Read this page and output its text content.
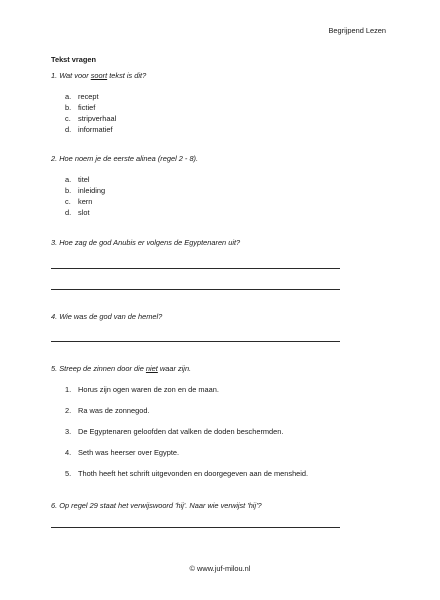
Begrijpend Lezen
Tekst vragen
1. Wat voor soort tekst is dit?
a. recept
b. fictief
c. stripverhaal
d. informatief
2. Hoe noem je de eerste alinea (regel 2 - 8).
a. titel
b. inleiding
c. kern
d. slot
3. Hoe zag de god Anubis er volgens de Egyptenaren uit?
4. Wie was de god van de hemel?
5. Streep de zinnen door die niet waar zijn.
1. Horus zijn ogen waren de zon en de maan.
2. Ra was de zonnegod.
3. De Egyptenaren geloofden dat valken de doden beschermden.
4. Seth was heerser over Egypte.
5. Thoth heeft het schrift uitgevonden en doorgegeven aan de mensheid.
6. Op regel 29 staat het verwijswoord 'hij'. Naar wie verwijst 'hij'?
© www.juf-milou.nl
